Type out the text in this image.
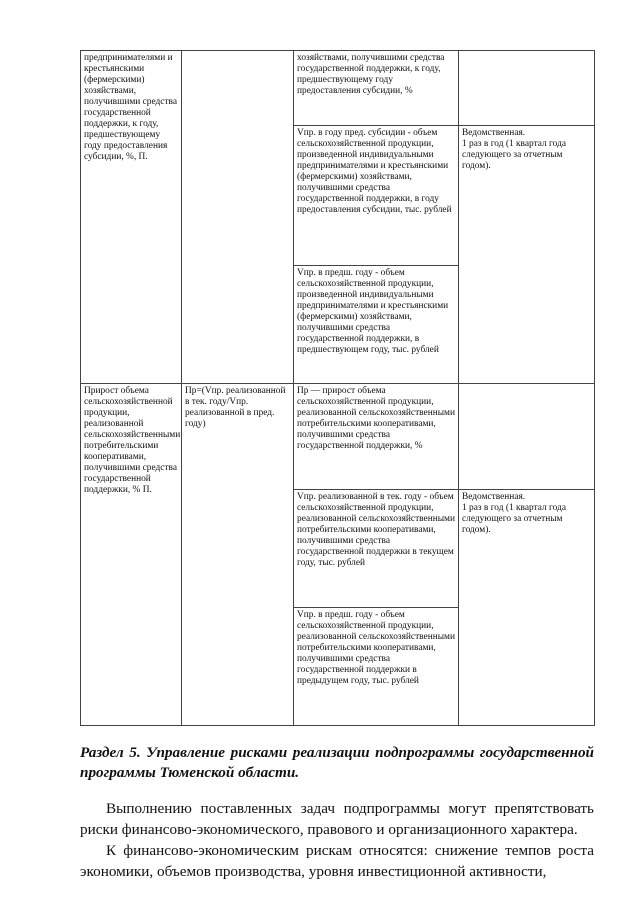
предпринимателями и крестьянскими (фермерскими) хозяйствами, получившими средства государственной поддержки, к году, предшествующему году предоставления субсидии, %, П.		хозяйствами, получившими средства государственной поддержки, к году, предшествующему году предоставления субсидии, %	

		Vпр. в году пред. субсидии - объем сельскохозяйственной продукции, произведенной индивидуальными предпринимателями и крестьянскими (фермерскими) хозяйствами, получившими средства государственной поддержки, в году предоставления субсидии, тыс. рублей	Ведомственная.
1 раз в год (1 квартал года следующего за отчетным годом).

		Vпр. в предш. году - объем сельскохозяйственной продукции, произведенной индивидуальными предпринимателями и крестьянскими (фермерскими) хозяйствами, получившими средства государственной поддержки, в предшествующем году, тыс. рублей	

Прирост объема сельскохозяйственной продукции, реализованной сельскохозяйственными потребительскими кооперативами, получившими средства государственной поддержки, % П.	Пр=(Vпр. реализованной в тек. году/Vпр. реализованной в пред. году)	Пр — прирост объема сельскохозяйственной продукции, реализованной сельскохозяйственными потребительскими кооперативами, получившими средства государственной поддержки, %	

		Vпр. реализованной в тек. году - объем сельскохозяйственной продукции, реализованной сельскохозяйственными потребительскими кооперативами, получившими средства государственной поддержки в текущем году, тыс. рублей	Ведомственная.
1 раз в год (1 квартал года следующего за отчетным годом).

		Vпр. в предш. году - объем сельскохозяйственной продукции, реализованной сельскохозяйственными потребительскими кооперативами, получившими средства государственной поддержки в предыдущем году, тыс. рублей	
Раздел 5. Управление рисками реализации подпрограммы государственной программы Тюменской области.
Выполнению поставленных задач подпрограммы могут препятствовать риски финансово-экономического, правового и организационного характера.
К финансово-экономическим рискам относятся: снижение темпов роста экономики, объемов производства, уровня инвестиционной активности,
